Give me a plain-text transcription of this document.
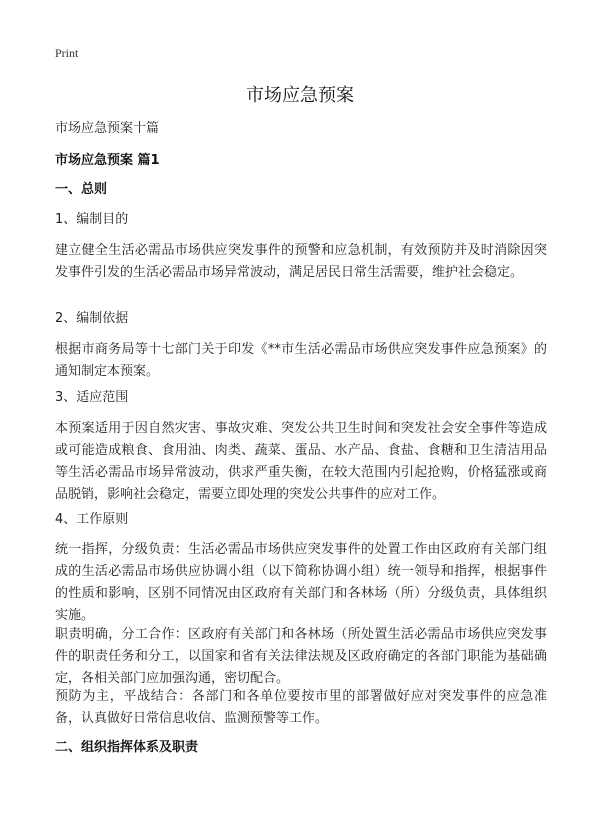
Print
市场应急预案

市场应急预案十篇

市场应急预案 篇1

一、总则

1、编制目的

建立健全生活必需品市场供应突发事件的预警和应急机制，有效预防并及时消除因突发事件引发的生活必需品市场异常波动，满足居民日常生活需要，维护社会稳定。

2、编制依据

根据市商务局等十七部门关于印发《**市生活必需品市场供应突发事件应急预案》的通知制定本预案。

3、适应范围

本预案适用于因自然灾害、事故灾难、突发公共卫生时间和突发社会安全事件等造成或可能造成粮食、食用油、肉类、蔬菜、蛋品、水产品、食盐、食糖和卫生清洁用品等生活必需品市场异常波动，供求严重失衡，在较大范围内引起抢购，价格猛涨或商品脱销，影响社会稳定，需要立即处理的突发公共事件的应对工作。

4、工作原则

统一指挥，分级负责：生活必需品市场供应突发事件的处置工作由区政府有关部门组成的生活必需品市场供应协调小组（以下简称协调小组）统一领导和指挥，根据事件的性质和影响，区别不同情况由区政府有关部门和各林场（所）分级负责，具体组织实施。

职责明确，分工合作：区政府有关部门和各林场（所处置生活必需品市场供应突发事件的职责任务和分工，以国家和省有关法律法规及区政府确定的各部门职能为基础确定，各相关部门应加强沟通，密切配合。

预防为主，平战结合：各部门和各单位要按市里的部署做好应对突发事件的应急准备，认真做好日常信息收信、监测预警等工作。

二、组织指挥体系及职责
